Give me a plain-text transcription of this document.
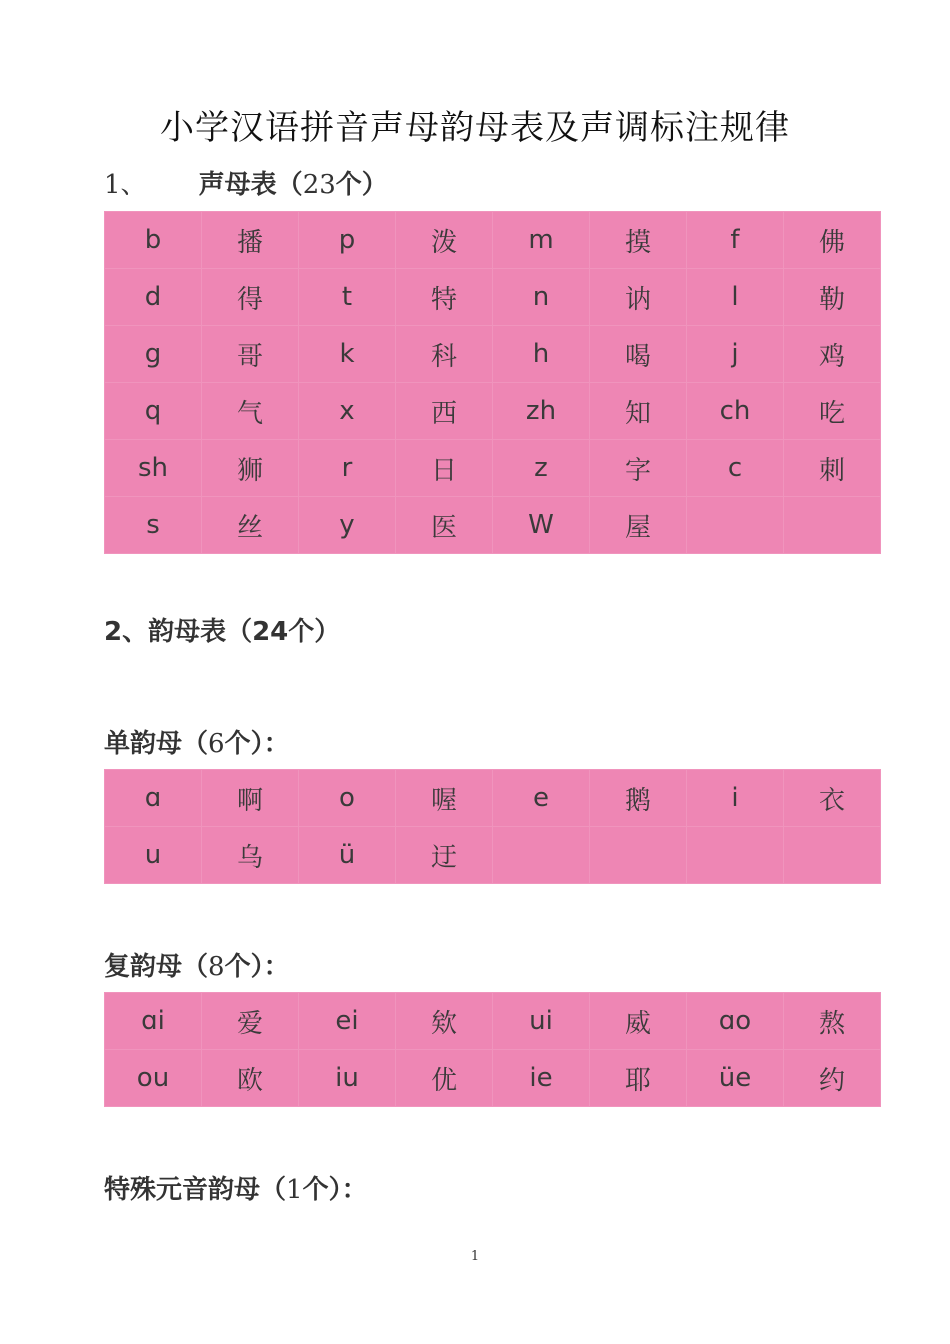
小学汉语拼音声母韵母表及声调标注规律
1、 声母表（23个）
b	播	p	泼	m	摸	f	佛
d	得	t	特	n	讷	l	勒
g	哥	k	科	h	喝	j	鸡
q	气	x	西	zh	知	ch	吃
sh	狮	r	日	z	字	c	刺
s	丝	y	医	W	屋		
2、韵母表（24个）
单韵母（6个）：
ɑ	啊	o	喔	e	鹅	i	衣
u	乌	ü	迂				
复韵母（8个）：
ɑi	爱	ei	欸	ui	威	ɑo	熬
ou	欧	iu	优	ie	耶	üe	约
特殊元音韵母（1个）：
1
